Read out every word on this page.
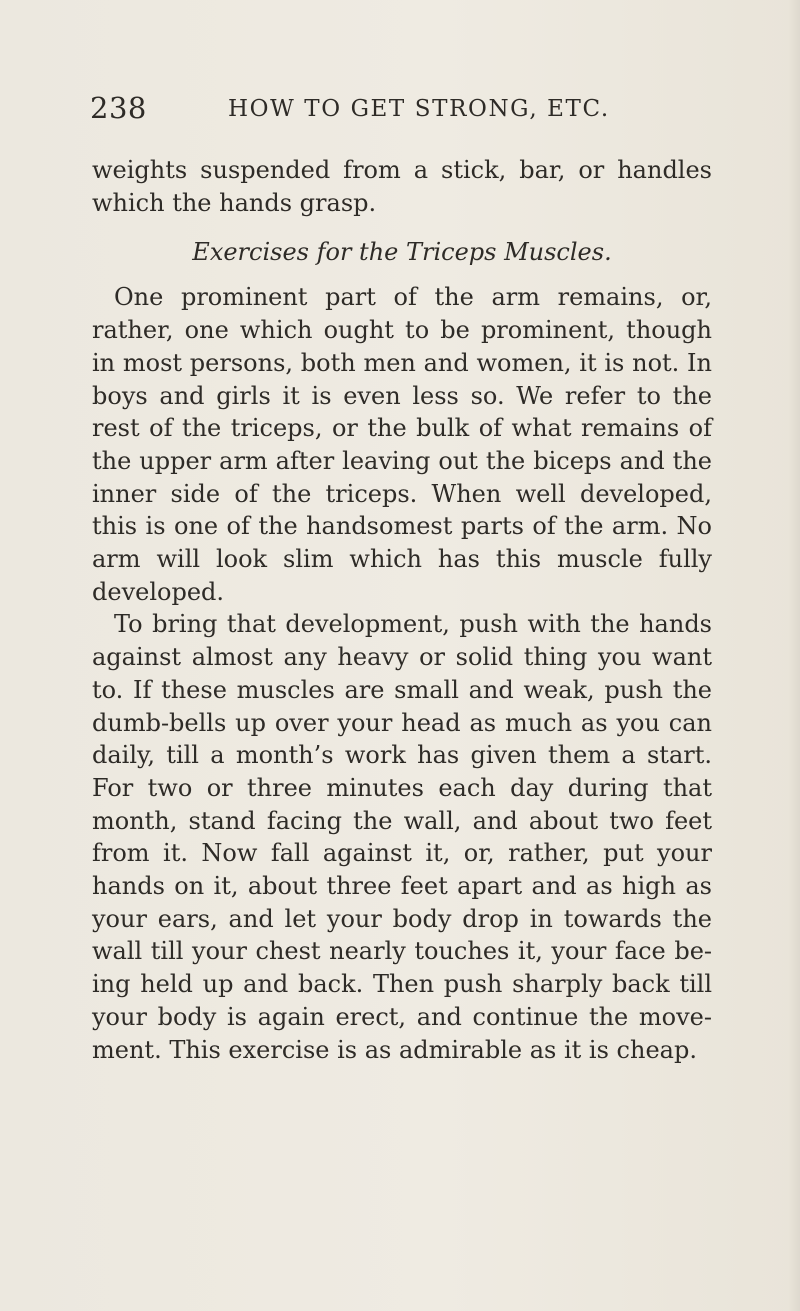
238	HOW TO GET STRONG, ETC.

weights suspended from a stick, bar, or handles which the hands grasp.

Exercises for the Triceps Muscles.

One prominent part of the arm remains, or, rather, one which ought to be prominent, though in most persons, both men and women, it is not. In boys and girls it is even less so. We refer to the rest of the triceps, or the bulk of what remains of the upper arm after leaving out the biceps and the inner side of the triceps. When well developed, this is one of the handsomest parts of the arm. No arm will look slim which has this muscle fully developed.

To bring that development, push with the hands against almost any heavy or solid thing you want to. If these muscles are small and weak, push the dumb-bells up over your head as much as you can daily, till a month’s work has given them a start. For two or three minutes each day during that month, stand facing the wall, and about two feet from it. Now fall against it, or, rather, put your hands on it, about three feet apart and as high as your ears, and let your body drop in towards the wall till your chest nearly touches it, your face be-ing held up and back. Then push sharply back till your body is again erect, and continue the move-ment. This exercise is as admirable as it is cheap.
